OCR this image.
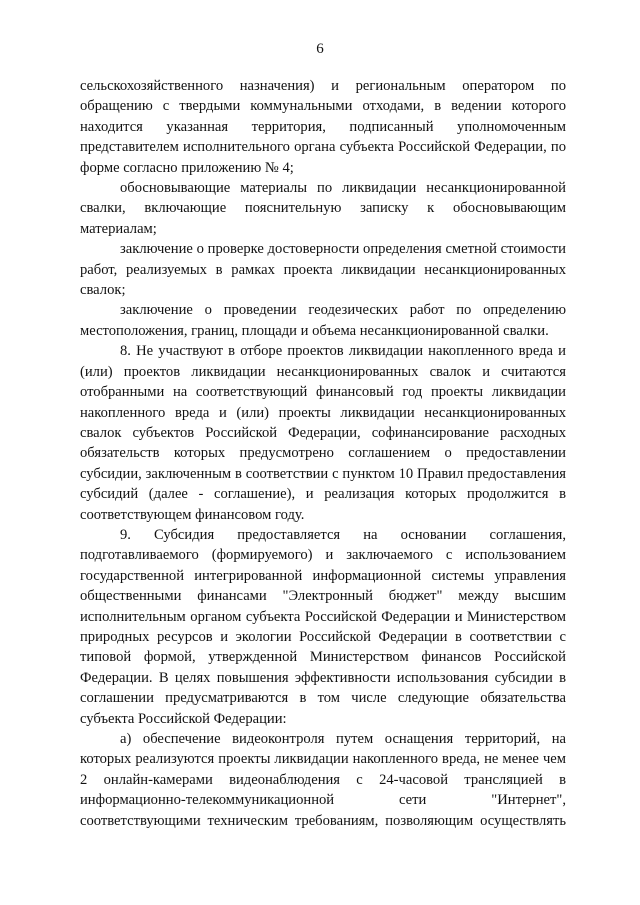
6

сельскохозяйственного назначения) и региональным оператором по обращению с твердыми коммунальными отходами, в ведении которого находится указанная территория, подписанный уполномоченным представителем исполнительного органа субъекта Российской Федерации, по форме согласно приложению № 4;

обосновывающие материалы по ликвидации несанкционированной свалки, включающие пояснительную записку к обосновывающим материалам;

заключение о проверке достоверности определения сметной стоимости работ, реализуемых в рамках проекта ликвидации несанкционированных свалок;

заключение о проведении геодезических работ по определению местоположения, границ, площади и объема несанкционированной свалки.

8. Не участвуют в отборе проектов ликвидации накопленного вреда и (или) проектов ликвидации несанкционированных свалок и считаются отобранными на соответствующий финансовый год проекты ликвидации накопленного вреда и (или) проекты ликвидации несанкционированных свалок субъектов Российской Федерации, софинансирование расходных обязательств которых предусмотрено соглашением о предоставлении субсидии, заключенным в соответствии с пунктом 10 Правил предоставления субсидий (далее - соглашение), и реализация которых продолжится в соответствующем финансовом году.

9. Субсидия предоставляется на основании соглашения, подготавливаемого (формируемого) и заключаемого с использованием государственной интегрированной информационной системы управления общественными финансами "Электронный бюджет" между высшим исполнительным органом субъекта Российской Федерации и Министерством природных ресурсов и экологии Российской Федерации в соответствии с типовой формой, утвержденной Министерством финансов Российской Федерации. В целях повышения эффективности использования субсидии в соглашении предусматриваются в том числе следующие обязательства субъекта Российской Федерации:

а) обеспечение видеоконтроля путем оснащения территорий, на которых реализуются проекты ликвидации накопленного вреда, не менее чем 2 онлайн-камерами видеонаблюдения с 24-часовой трансляцией в информационно-телекоммуникационной сети "Интернет", соответствующими техническим требованиям, позволяющим осуществлять
